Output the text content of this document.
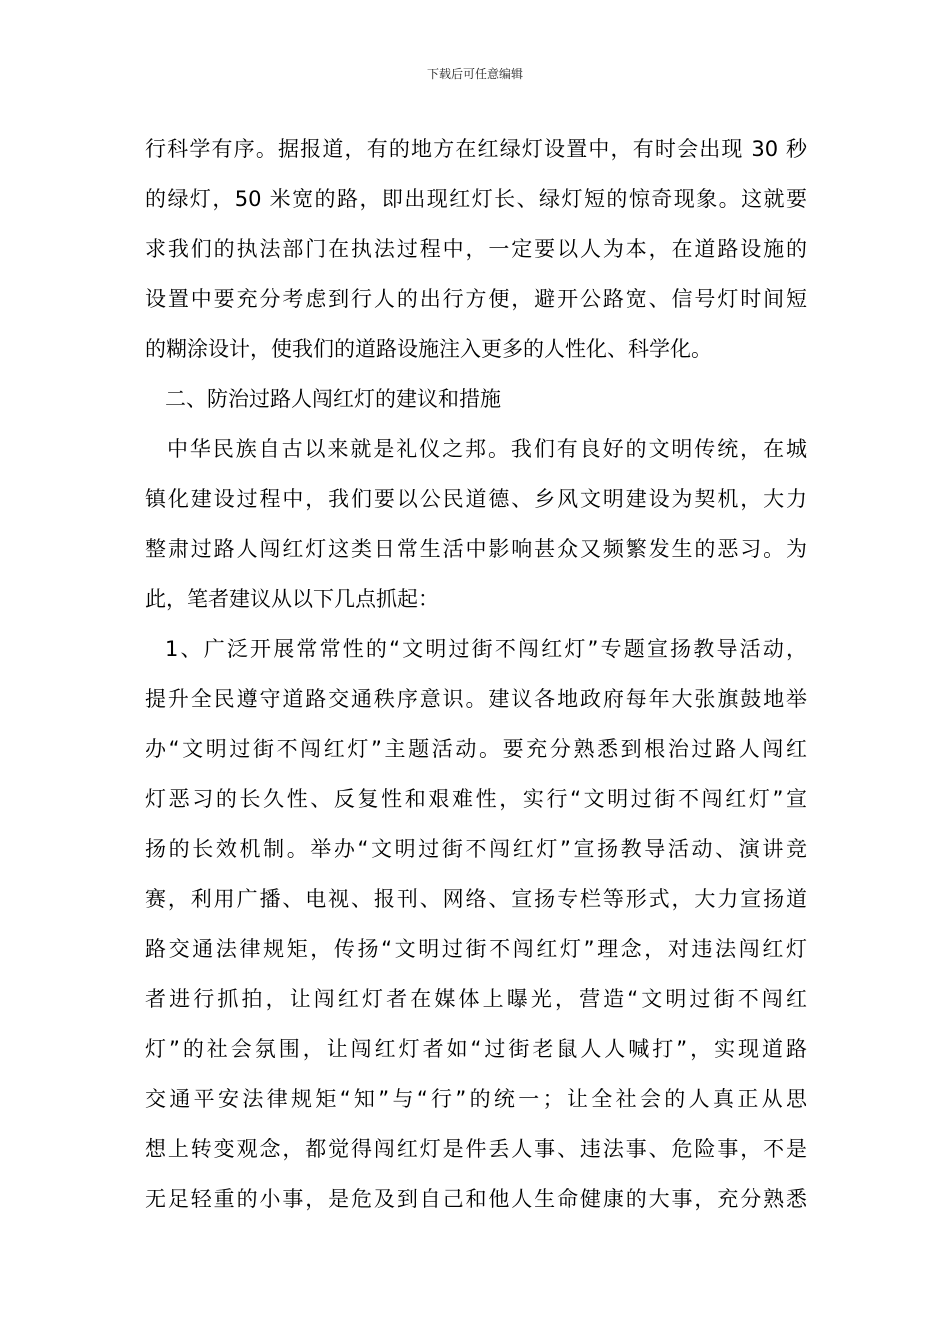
下载后可任意编辑
行科学有序。据报道，有的地方在红绿灯设置中，有时会出现 30 秒
的绿灯，50 米宽的路，即出现红灯长、绿灯短的惊奇现象。这就要
求我们的执法部门在执法过程中，一定要以人为本，在道路设施的
设置中要充分考虑到行人的出行方便，避开公路宽、信号灯时间短
的糊涂设计，使我们的道路设施注入更多的人性化、科学化。
二、防治过路人闯红灯的建议和措施
中华民族自古以来就是礼仪之邦。我们有良好的文明传统，在城
镇化建设过程中，我们要以公民道德、乡风文明建设为契机，大力
整肃过路人闯红灯这类日常生活中影响甚众又频繁发生的恶习。为
此，笔者建议从以下几点抓起：
1、广泛开展常常性的“文明过街不闯红灯”专题宣扬教导活动，
提升全民遵守道路交通秩序意识。建议各地政府每年大张旗鼓地举
办“文明过街不闯红灯”主题活动。要充分熟悉到根治过路人闯红
灯恶习的长久性、反复性和艰难性，实行“文明过街不闯红灯”宣
扬的长效机制。举办“文明过街不闯红灯”宣扬教导活动、演讲竞
赛，利用广播、电视、报刊、网络、宣扬专栏等形式，大力宣扬道
路交通法律规矩，传扬“文明过街不闯红灯”理念，对违法闯红灯
者进行抓拍，让闯红灯者在媒体上曝光，营造“文明过街不闯红
灯”的社会氛围，让闯红灯者如“过街老鼠人人喊打”，实现道路
交通平安法律规矩“知”与“行”的统一；让全社会的人真正从思
想上转变观念，都觉得闯红灯是件丢人事、违法事、危险事，不是
无足轻重的小事，是危及到自己和他人生命健康的大事，充分熟悉
